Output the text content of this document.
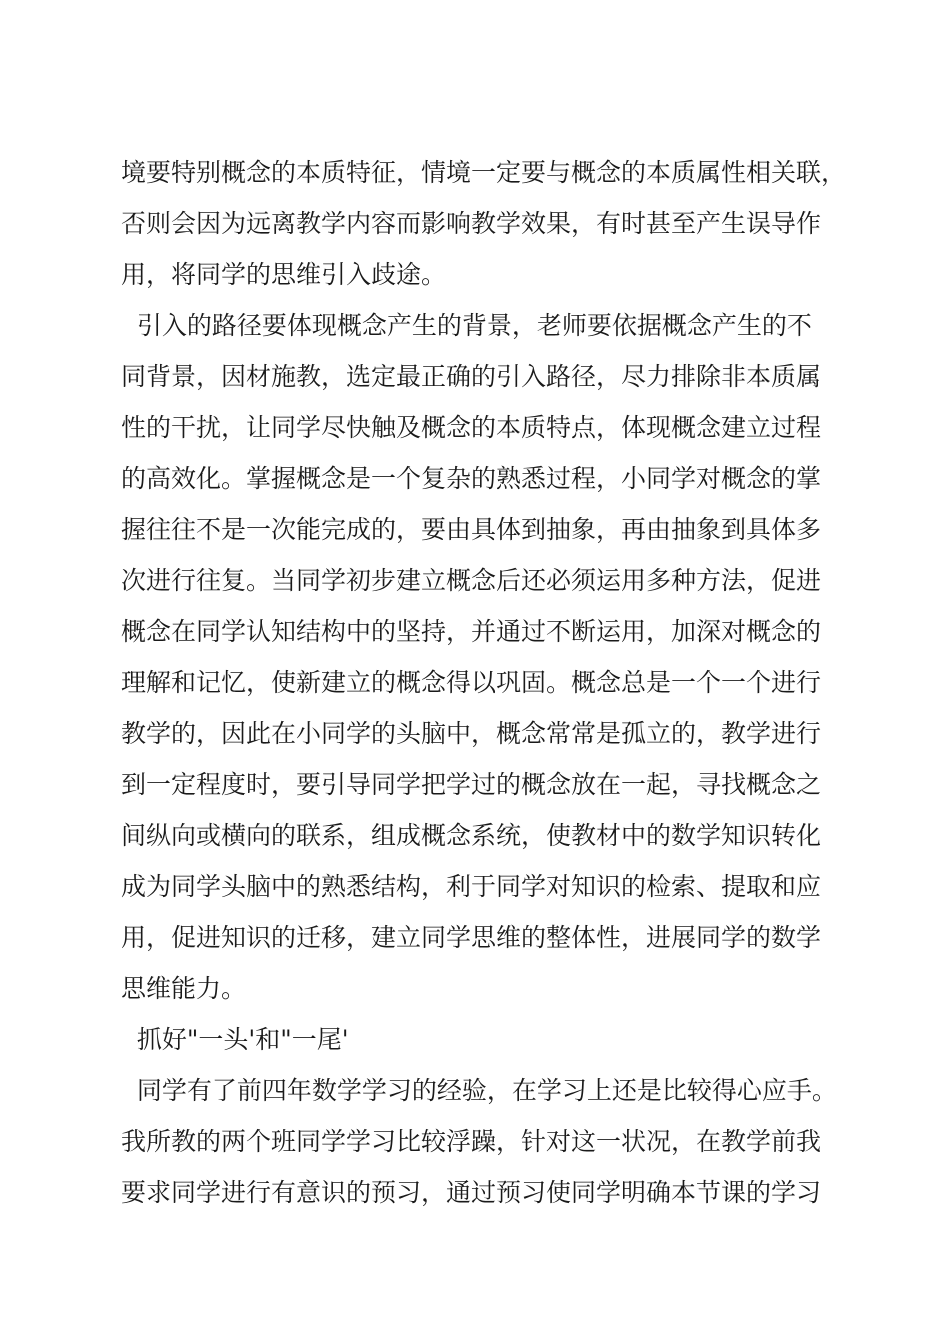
境要特别概念的本质特征，情境一定要与概念的本质属性相关联，
否则会因为远离教学内容而影响教学效果，有时甚至产生误导作
用，将同学的思维引入歧途。
引入的路径要体现概念产生的背景，老师要依据概念产生的不
同背景，因材施教，选定最正确的引入路径，尽力排除非本质属
性的干扰，让同学尽快触及概念的本质特点，体现概念建立过程
的高效化。掌握概念是一个复杂的熟悉过程，小同学对概念的掌
握往往不是一次能完成的，要由具体到抽象，再由抽象到具体多
次进行往复。当同学初步建立概念后还必须运用多种方法，促进
概念在同学认知结构中的坚持，并通过不断运用，加深对概念的
理解和记忆，使新建立的概念得以巩固。概念总是一个一个进行
教学的，因此在小同学的头脑中，概念常常是孤立的，教学进行
到一定程度时，要引导同学把学过的概念放在一起，寻找概念之
间纵向或横向的联系，组成概念系统，使教材中的数学知识转化
成为同学头脑中的熟悉结构，利于同学对知识的检索、提取和应
用，促进知识的迁移，建立同学思维的整体性，进展同学的数学
思维能力。
抓好"一头'和"一尾'
同学有了前四年数学学习的经验，在学习上还是比较得心应手。
我所教的两个班同学学习比较浮躁，针对这一状况，在教学前我
要求同学进行有意识的预习，通过预习使同学明确本节课的学习
